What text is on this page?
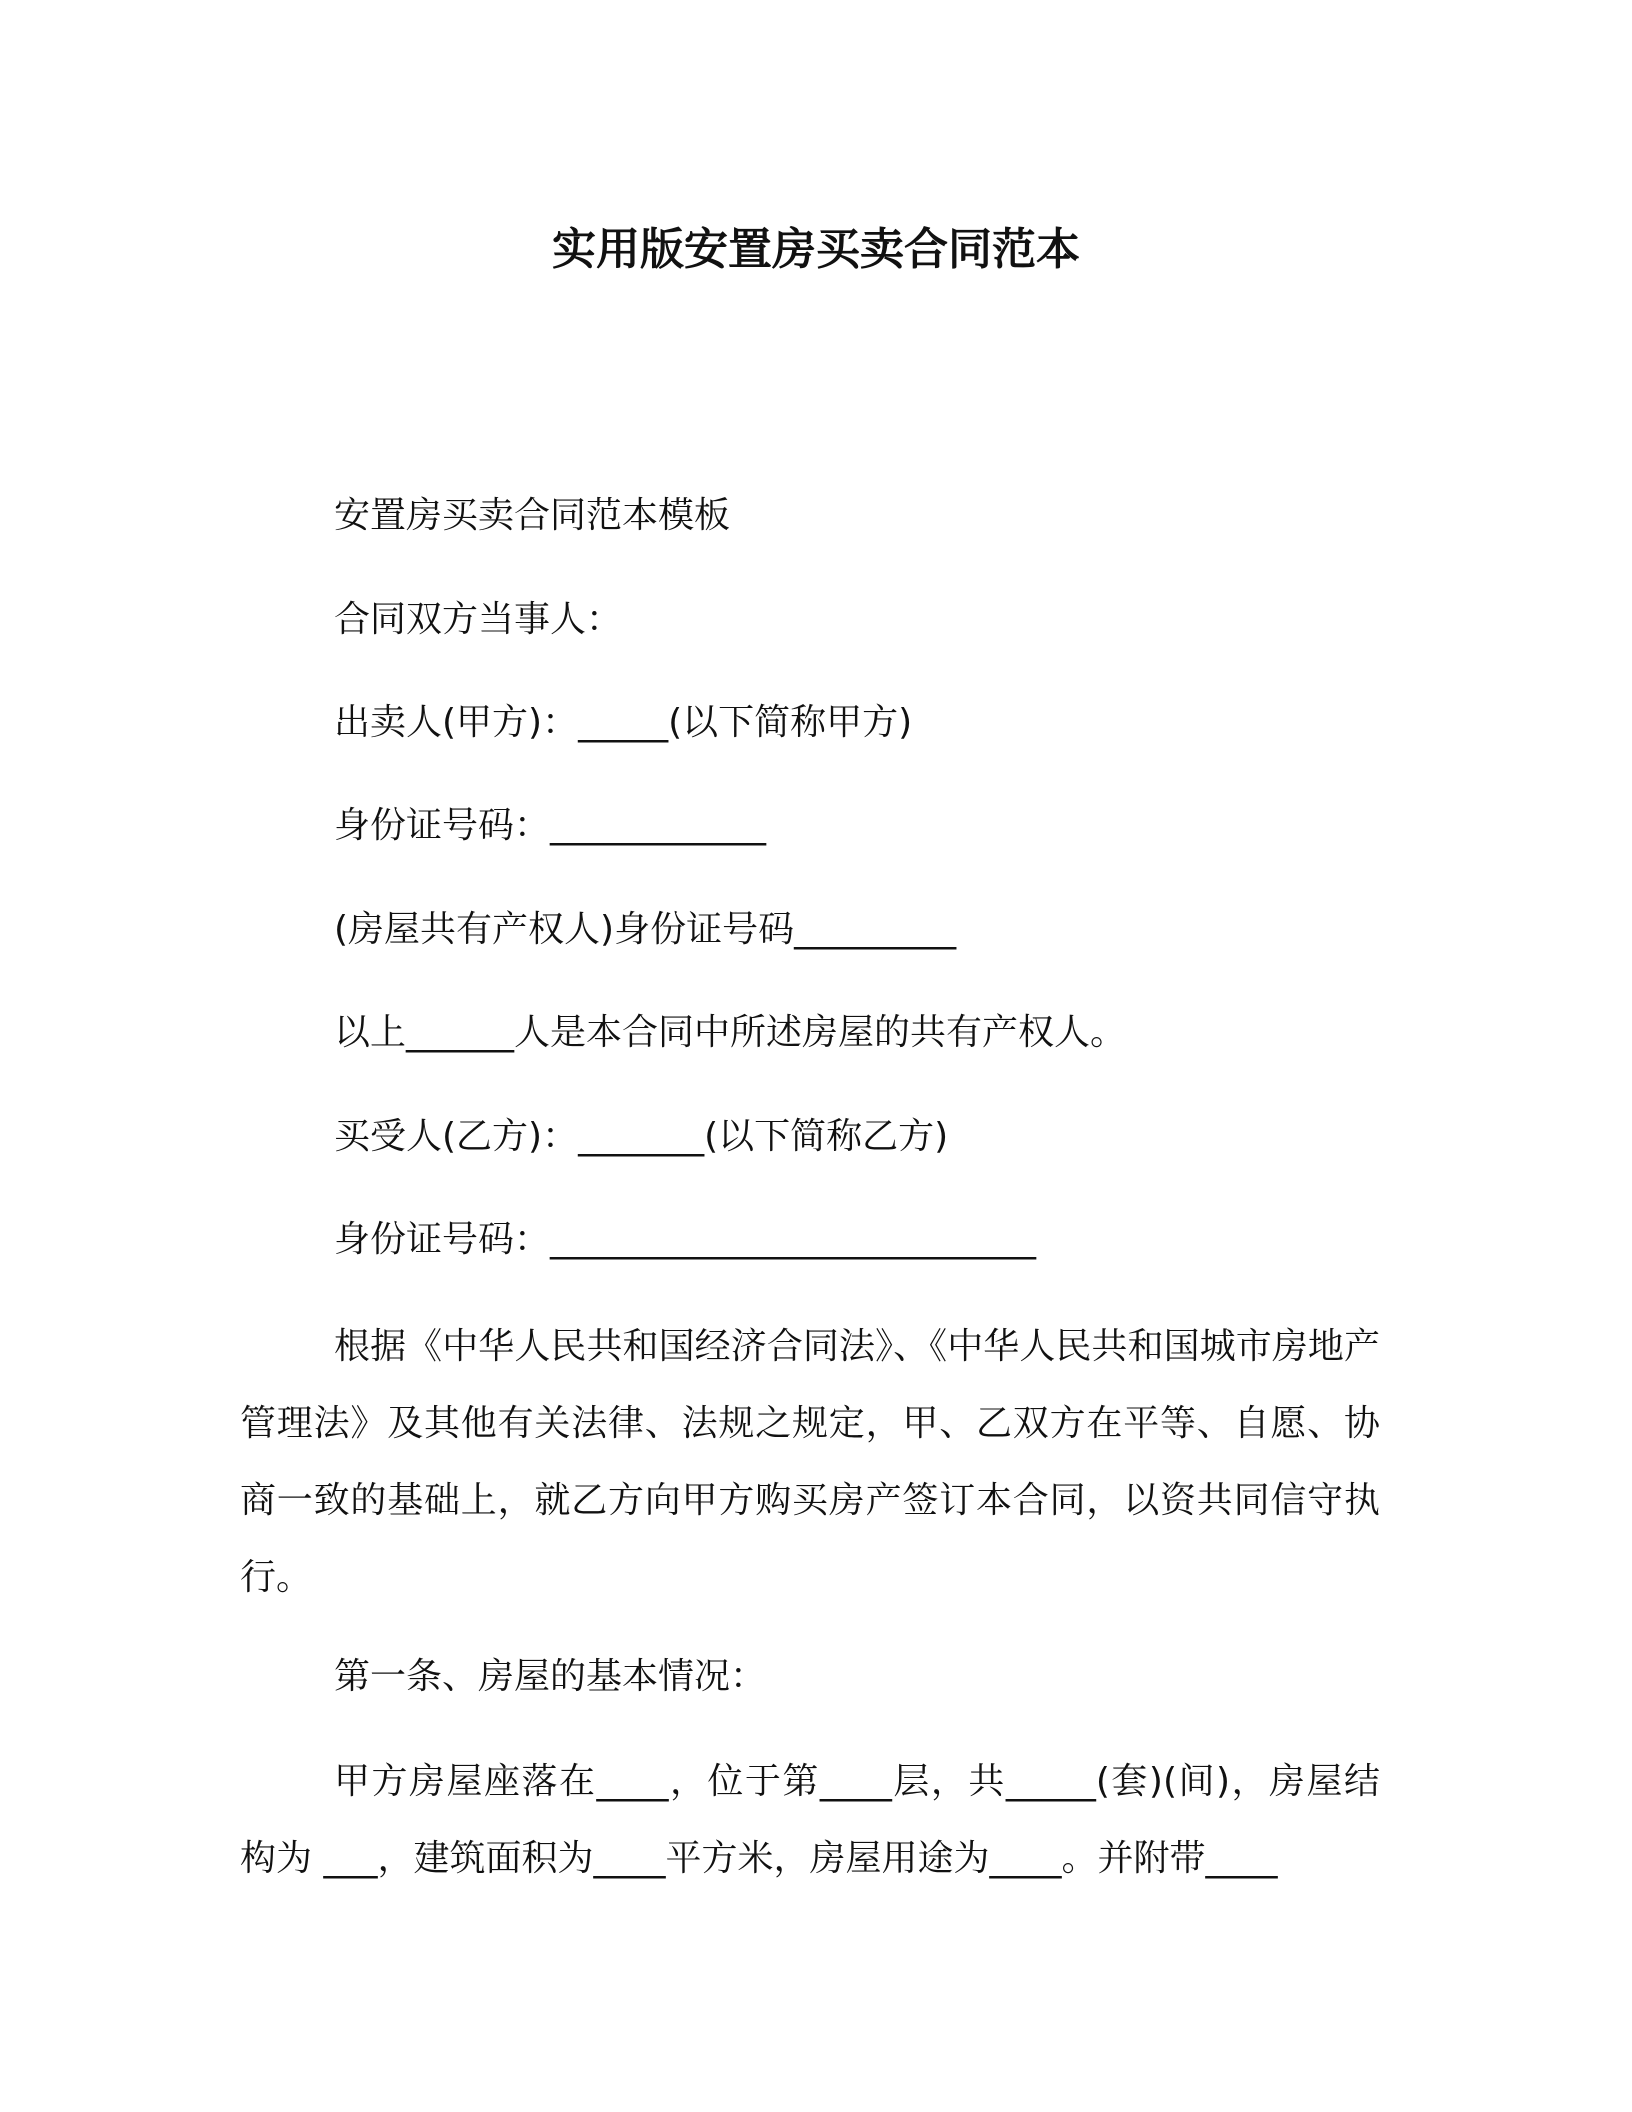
实用版安置房买卖合同范本
安置房买卖合同范本模板
合同双方当事人：
出卖人(甲方)：_____(以下简称甲方)
身份证号码：____________
(房屋共有产权人)身份证号码_________
以上______人是本合同中所述房屋的共有产权人。
买受人(乙方)：_______(以下简称乙方)
身份证号码：___________________________
根据《中华人民共和国经济合同法》、《中华人民共和国城市房地产管理法》及其他有关法律、法规之规定，甲、乙双方在平等、自愿、协商一致的基础上，就乙方向甲方购买房产签订本合同，以资共同信守执行。
第一条、房屋的基本情况：
甲方房屋座落在____，位于第____层，共_____(套)(间)，房屋结构为 ___，建筑面积为____平方米，房屋用途为____。并附带____
